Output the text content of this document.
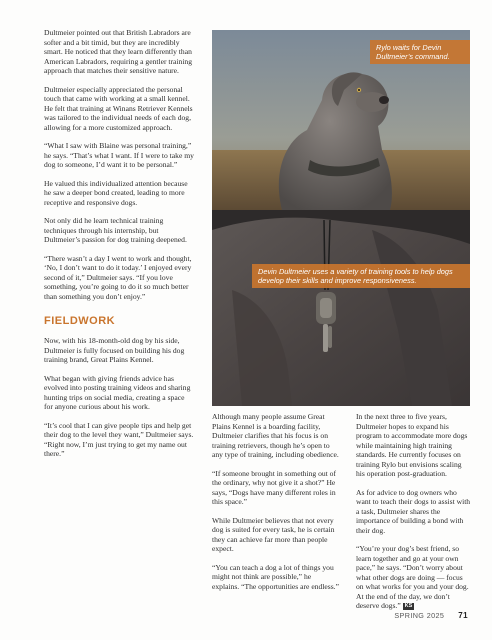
Dultmeier pointed out that British Labradors are softer and a bit timid, but they are incredibly smart. He noticed that they learn differently than American Labradors, requiring a gentler training approach that matches their sensitive nature.

Dultmeier especially appreciated the personal touch that came with working at a small kennel. He felt that training at Winans Retriever Kennels was tailored to the individual needs of each dog, allowing for a more customized approach.

“What I saw with Blaine was personal training,” he says. “That’s what I want. If I were to take my dog to someone, I’d want it to be personal.”

He valued this individualized attention because he saw a deeper bond created, leading to more receptive and responsive dogs.

Not only did he learn technical training techniques through his internship, but Dultmeier’s passion for dog training deepened.

“There wasn’t a day I went to work and thought, ‘No, I don’t want to do it today.’ I enjoyed every second of it,” Dultmeier says. “If you love something, you’re going to do it so much better than something you don’t enjoy.”

FIELDWORK

Now, with his 18-month-old dog by his side, Dultmeier is fully focused on building his dog training brand, Great Plains Kennel.

What began with giving friends advice has evolved into posting training videos and sharing hunting trips on social media, creating a space for anyone curious about his work.

“It’s cool that I can give people tips and help get their dog to the level they want,” Dultmeier says. “Right now, I’m just trying to get my name out there.”

Rylo waits for Devin Dultmeier’s command.
Devin Dultmeier uses a variety of training tools to help dogs develop their skills and improve responsiveness.

Although many people assume Great Plains Kennel is a boarding facility, Dultmeier clarifies that his focus is on training retrievers, though he’s open to any type of training, including obedience.

“If someone brought in something out of the ordinary, why not give it a shot?” He says, “Dogs have many different roles in this space.”

While Dultmeier believes that not every dog is suited for every task, he is certain they can achieve far more than people expect.

“You can teach a dog a lot of things you might not think are possible,” he explains. “The opportunities are endless.”

In the next three to five years, Dultmeier hopes to expand his program to accommodate more dogs while maintaining high training standards. He currently focuses on training Rylo but envisions scaling his operation post-graduation.

As for advice to dog owners who want to teach their dogs to assist with a task, Dultmeier shares the importance of building a bond with their dog.

“You’re your dog’s best friend, so learn together and go at your own pace,” he says. “Don’t worry about what other dogs are doing — focus on what works for you and your dog. At the end of the day, we don’t deserve dogs.” KS

SPRING 2025 71
